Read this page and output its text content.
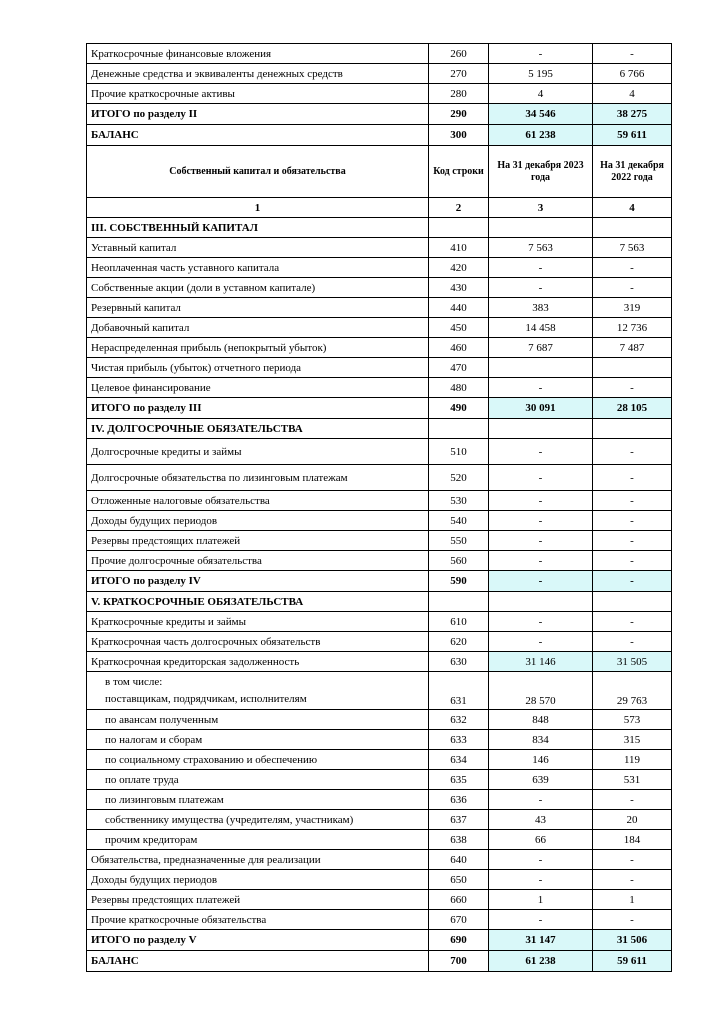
Краткосрочные финансовые вложения	260	-	-
Денежные средства и эквиваленты денежных средств	270	5 195	6 766
Прочие краткосрочные активы	280	4	4
ИТОГО по разделу II	290	34 546	38 275
БАЛАНС	300	61 238	59 611
Собственный капитал и обязательства	Код строки	На 31 декабря 2023 года	На 31 декабря 2022 года
1	2	3	4
III. СОБСТВЕННЫЙ КАПИТАЛ			
Уставный капитал	410	7 563	7 563
Неоплаченная часть уставного капитала	420	-	-
Собственные акции (доли в уставном капитале)	430	-	-
Резервный капитал	440	383	319
Добавочный капитал	450	14 458	12 736
Нераспределенная прибыль (непокрытый убыток)	460	7 687	7 487
Чистая прибыль (убыток) отчетного периода	470		
Целевое финансирование	480	-	-
ИТОГО по разделу III	490	30 091	28 105
IV. ДОЛГОСРОЧНЫЕ ОБЯЗАТЕЛЬСТВА			
Долгосрочные кредиты и займы	510	-	-
Долгосрочные обязательства по лизинговым платежам	520	-	-
Отложенные налоговые обязательства	530	-	-
Доходы будущих периодов	540	-	-
Резервы предстоящих платежей	550	-	-
Прочие долгосрочные обязательства	560	-	-
ИТОГО по разделу IV	590	-	-
V. КРАТКОСРОЧНЫЕ ОБЯЗАТЕЛЬСТВА			
Краткосрочные кредиты и займы	610	-	-
Краткосрочная часть долгосрочных обязательств	620	-	-
Краткосрочная кредиторская задолженность	630	31 146	31 505

в том числе:
поставщикам, подрядчикам, исполнителям	631	28 570	29 763

по авансам полученным	632	848	573
по налогам и сборам	633	834	315
по социальному страхованию и обеспечению	634	146	119
по оплате труда	635	639	531
по лизинговым платежам	636	-	-
собственнику имущества (учредителям, участникам)	637	43	20
прочим кредиторам	638	66	184
Обязательства, предназначенные для реализации	640	-	-
Доходы будущих периодов	650	-	-
Резервы предстоящих платежей	660	1	1
Прочие краткосрочные обязательства	670	-	-
ИТОГО по разделу V	690	31 147	31 506
БАЛАНС	700	61 238	59 611
